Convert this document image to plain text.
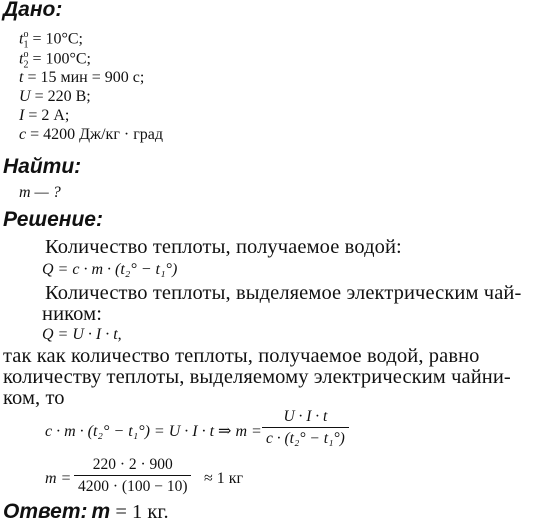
Дано:
$t_1^o = 10^\circ C$;
$t_2^o = 100^\circ C$;
t = 15 мин = 900 с;
U = 220 В;
I = 2 А;
c = 4200 Дж/кг · град
Найти:
m — ?
Решение:
Количество теплоты, получаемое водой:
Q = c · m · (t₂° − t₁°)
Количество теплоты, выделяемое электрическим чай-
ником:
Q = U · I · t,
так как количество теплоты, получаемое водой, равно
количеству теплоты, выделяемому электрическим чайни-
ком, то
c · m · (t₂° − t₁°) = U · I · t ⇒ m =
U · I · t
c · (t₂° − t₁°)
m =
220 · 2 · 900
4200 · (100 − 10) ≈ 1 кг
Ответ: m = 1 кг.
